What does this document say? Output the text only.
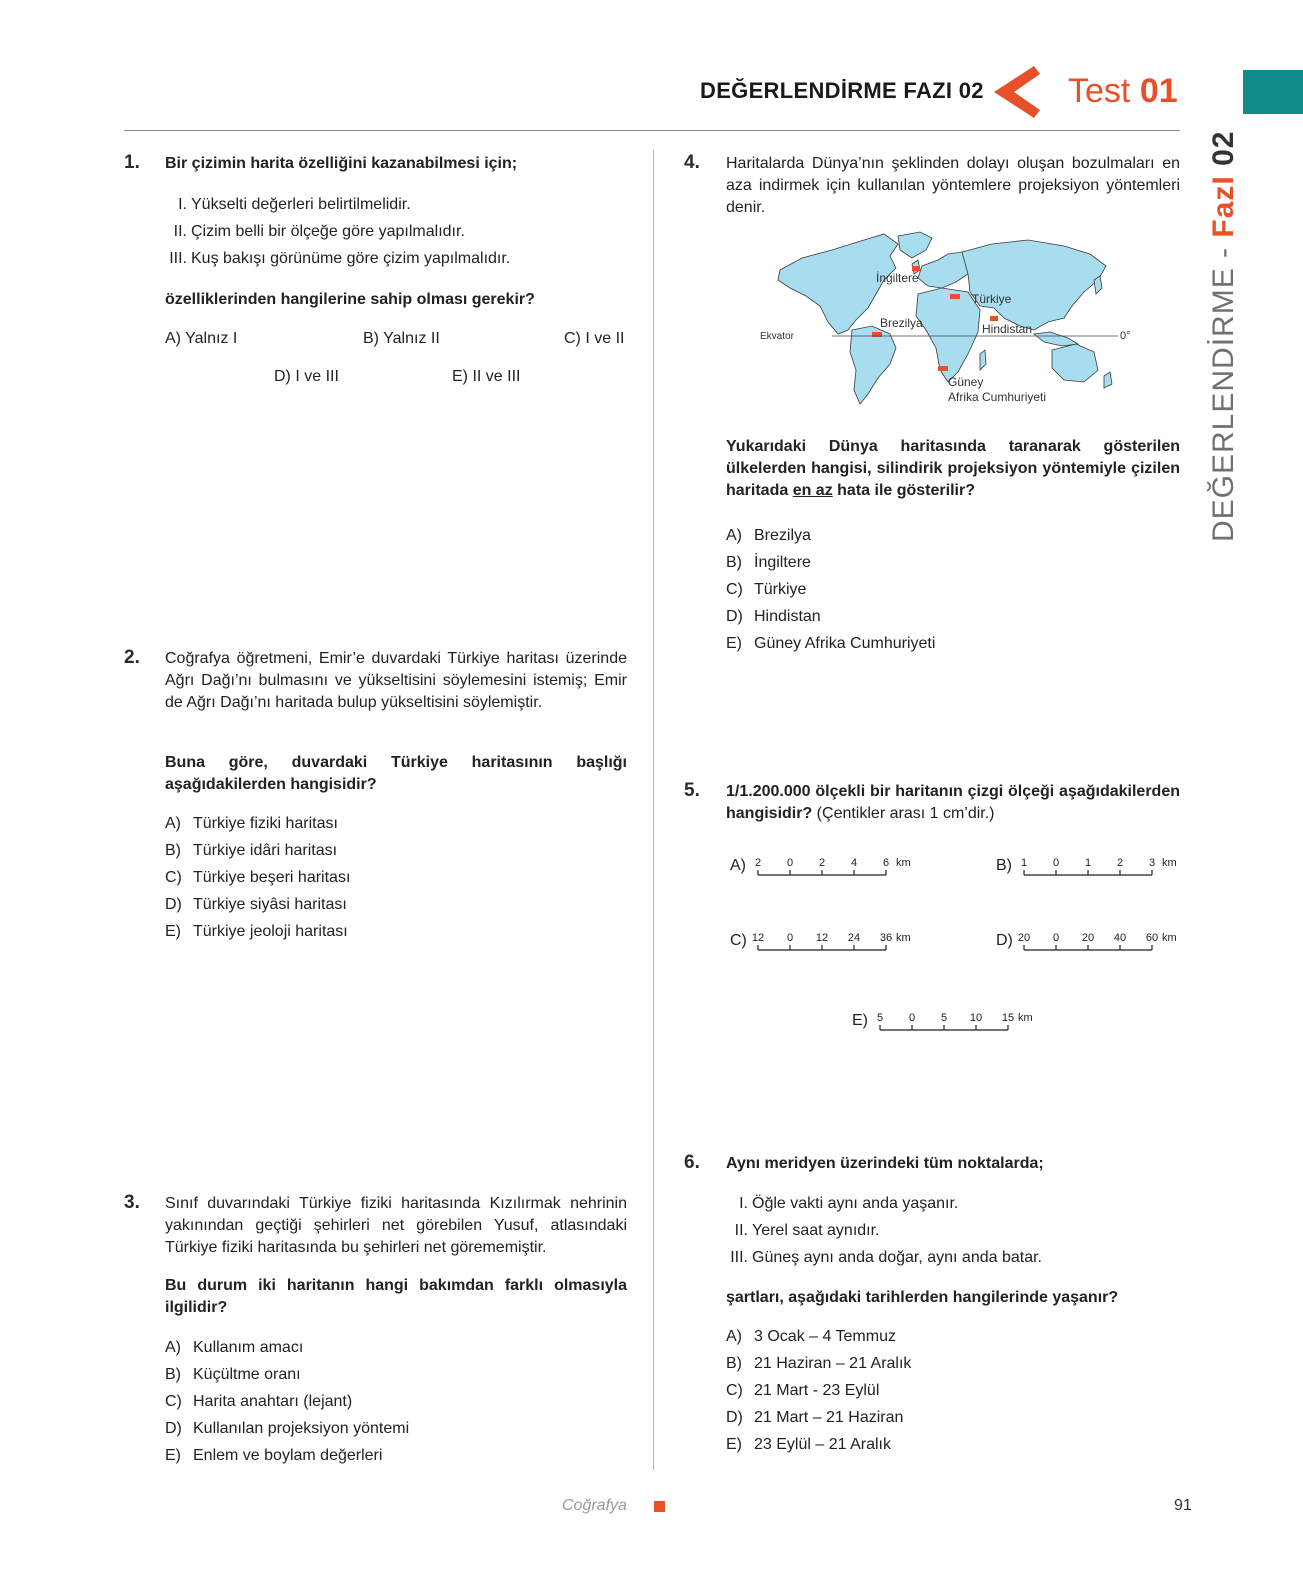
DEĞERLENDİRME FAZI 02 Test 01
DEĞERLENDİRME - FazI 02
1. Bir çizimin harita özelliğini kazanabilmesi için;
I. Yükselti değerleri belirtilmelidir.
II. Çizim belli bir ölçeğe göre yapılmalıdır.
III. Kuş bakışı görünüme göre çizim yapılmalıdır.
özelliklerinden hangilerine sahip olması gerekir?
A) Yalnız I	B) Yalnız II	C) I ve II
D) I ve III	E) II ve III
2. Coğrafya öğretmeni, Emir’e duvardaki Türkiye haritası üzerinde Ağrı Dağı’nı bulmasını ve yükseltisini söylemesini istemiş; Emir de Ağrı Dağı’nı haritada bulup yükseltisini söylemiştir.
Buna göre, duvardaki Türkiye haritasının başlığı aşağıdakilerden hangisidir?
A) Türkiye fiziki haritası
B) Türkiye idâri haritası
C) Türkiye beşeri haritası
D) Türkiye siyâsi haritası
E) Türkiye jeoloji haritası
3. Sınıf duvarındaki Türkiye fiziki haritasında Kızılırmak nehrinin yakınından geçtiği şehirleri net görebilen Yusuf, atlasındaki Türkiye fiziki haritasında bu şehirleri net görememiştir.
Bu durum iki haritanın hangi bakımdan farklı olmasıyla ilgilidir?
A) Kullanım amacı
B) Küçültme oranı
C) Harita anahtarı (lejant)
D) Kullanılan projeksiyon yöntemi
E) Enlem ve boylam değerleri
4. Haritalarda Dünya’nın şeklinden dolayı oluşan bozulmaları en aza indirmek için kullanılan yöntemlere projeksiyon yöntemleri denir.
Ekvator	0°
İngiltere
Türkiye
Brezilya	Hindistan
Güney
Afrika Cumhuriyeti
Yukarıdaki Dünya haritasında taranarak gösterilen ülkelerden hangisi, silindirik projeksiyon yöntemiyle çizilen haritada en az hata ile gösterilir?
A) Brezilya
B) İngiltere
C) Türkiye
D) Hindistan
E) Güney Afrika Cumhuriyeti
5. 1/1.200.000 ölçekli bir haritanın çizgi ölçeği aşağıdakilerden hangisidir? (Çentikler arası 1 cm’dir.)
A) 2 0 2 4 6 km	B) 1 0 1 2 3 km
C) 12 0 12 24 36 km	D) 20 0 20 40 60 km
E) 5 0 5 10 15 km
6. Aynı meridyen üzerindeki tüm noktalarda;
I. Öğle vakti aynı anda yaşanır.
II. Yerel saat aynıdır.
III. Güneş aynı anda doğar, aynı anda batar.
şartları, aşağıdaki tarihlerden hangilerinde yaşanır?
A) 3 Ocak – 4 Temmuz
B) 21 Haziran – 21 Aralık
C) 21 Mart - 23 Eylül
D) 21 Mart – 21 Haziran
E) 23 Eylül – 21 Aralık
Coğrafya	91
